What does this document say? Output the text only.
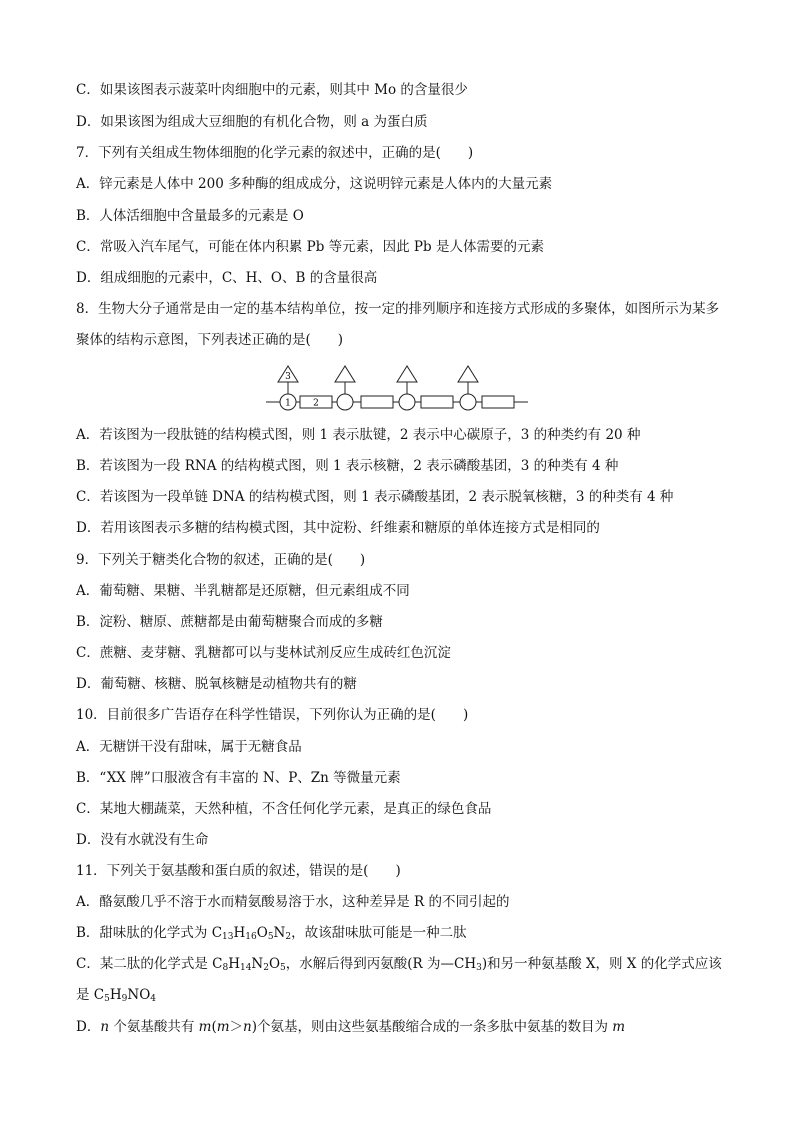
C．如果该图表示菠菜叶肉细胞中的元素，则其中 Mo 的含量很少
D．如果该图为组成大豆细胞的有机化合物，则 a 为蛋白质
7．下列有关组成生物体细胞的化学元素的叙述中，正确的是(　　)
A．锌元素是人体中 200 多种酶的组成成分，这说明锌元素是人体内的大量元素
B．人体活细胞中含量最多的元素是 O
C．常吸入汽车尾气，可能在体内积累 Pb 等元素，因此 Pb 是人体需要的元素
D．组成细胞的元素中，C、H、O、B 的含量很高
8．生物大分子通常是由一定的基本结构单位，按一定的排列顺序和连接方式形成的多聚体，如图所示为某多聚体的结构示意图，下列表述正确的是(　　)
3
1 2
A．若该图为一段肽链的结构模式图，则 1 表示肽键，2 表示中心碳原子，3 的种类约有 20 种
B．若该图为一段 RNA 的结构模式图，则 1 表示核糖，2 表示磷酸基团，3 的种类有 4 种
C．若该图为一段单链 DNA 的结构模式图，则 1 表示磷酸基团，2 表示脱氧核糖，3 的种类有 4 种
D．若用该图表示多糖的结构模式图，其中淀粉、纤维素和糖原的单体连接方式是相同的
9．下列关于糖类化合物的叙述，正确的是(　　)
A．葡萄糖、果糖、半乳糖都是还原糖，但元素组成不同
B．淀粉、糖原、蔗糖都是由葡萄糖聚合而成的多糖
C．蔗糖、麦芽糖、乳糖都可以与斐林试剂反应生成砖红色沉淀
D．葡萄糖、核糖、脱氧核糖是动植物共有的糖
10．目前很多广告语存在科学性错误，下列你认为正确的是(　　)
A．无糖饼干没有甜味，属于无糖食品
B．“XX 牌”口服液含有丰富的 N、P、Zn 等微量元素
C．某地大棚蔬菜，天然种植，不含任何化学元素，是真正的绿色食品
D．没有水就没有生命
11．下列关于氨基酸和蛋白质的叙述，错误的是(　　)
A．酪氨酸几乎不溶于水而精氨酸易溶于水，这种差异是 R 的不同引起的
B．甜味肽的化学式为 $C_{13}H_{16}O_5N_2$，故该甜味肽可能是一种二肽
C．某二肽的化学式是 $C_8H_{14}N_2O_5$，水解后得到丙氨酸(R 为$—CH_3$)和另一种氨基酸 X，则 X 的化学式应该是 $C_5H_9NO_4$
D．n 个氨基酸共有 m(m＞n)个氨基，则由这些氨基酸缩合成的一条多肽中氨基的数目为 m
